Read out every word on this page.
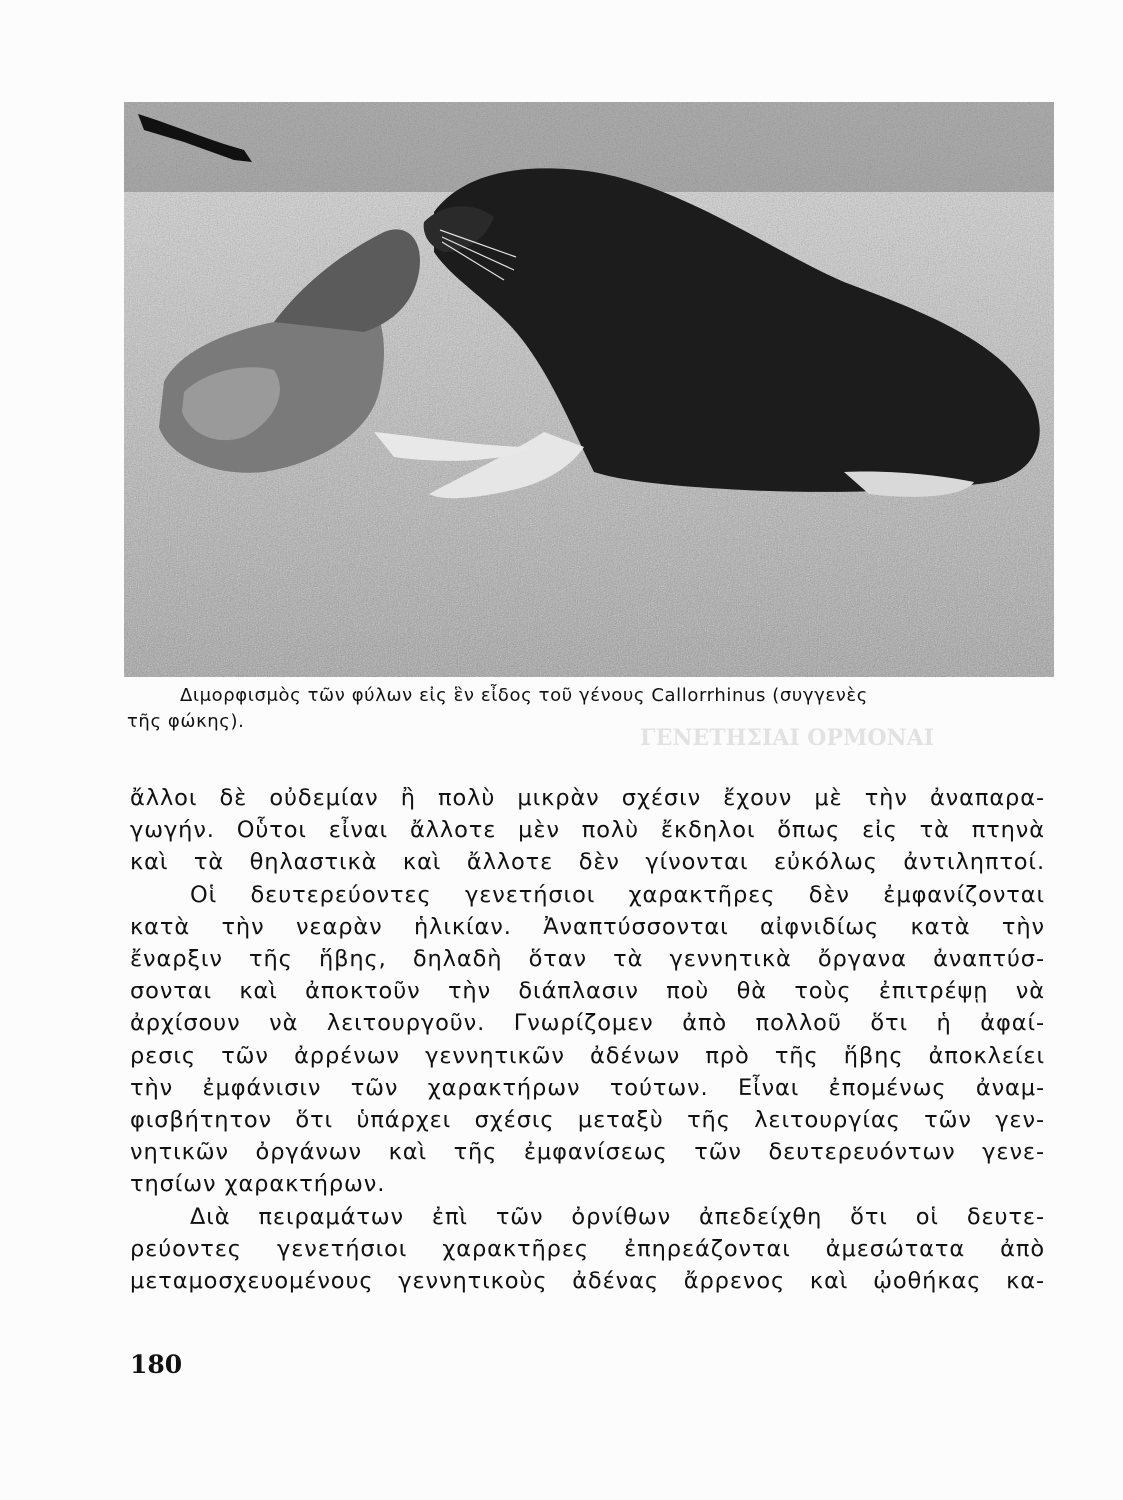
ΓΕΝΕΤΗΣΙΑΙ ΟΡΜΟΝΑΙ
Διμορφισμὸς τῶν φύλων εἰς ἓν εἶδος τοῦ γένους Callorrhinus (συγγενὲς
τῆς φώκης).
ἄλλοι δὲ οὐδεμίαν ἢ πολὺ μικρὰν σχέσιν ἔχουν μὲ τὴν ἀναπαρα-
γωγήν. Οὗτοι εἶναι ἄλλοτε μὲν πολὺ ἔκδηλοι ὅπως εἰς τὰ πτηνὰ
καὶ τὰ θηλαστικὰ καὶ ἄλλοτε δὲν γίνονται εὐκόλως ἀντιληπτοί.
Οἱ δευτερεύοντες γενετήσιοι χαρακτῆρες δὲν ἐμφανίζονται
κατὰ τὴν νεαρὰν ἡλικίαν. Ἀναπτύσσονται αἰφνιδίως κατὰ τὴν
ἔναρξιν τῆς ἥβης, δηλαδὴ ὅταν τὰ γεννητικὰ ὄργανα ἀναπτύσ-
σονται καὶ ἀποκτοῦν τὴν διάπλασιν ποὺ θὰ τοὺς ἐπιτρέψῃ νὰ
ἀρχίσουν νὰ λειτουργοῦν. Γνωρίζομεν ἀπὸ πολλοῦ ὅτι ἡ ἀφαί-
ρεσις τῶν ἀρρένων γεννητικῶν ἀδένων πρὸ τῆς ἥβης ἀποκλείει
τὴν ἐμφάνισιν τῶν χαρακτήρων τούτων. Εἶναι ἐπομένως ἀναμ-
φισβήτητον ὅτι ὑπάρχει σχέσις μεταξὺ τῆς λειτουργίας τῶν γεν-
νητικῶν ὀργάνων καὶ τῆς ἐμφανίσεως τῶν δευτερευόντων γενε-
τησίων χαρακτήρων.
Διὰ πειραμάτων ἐπὶ τῶν ὀρνίθων ἀπεδείχθη ὅτι οἱ δευτε-
ρεύοντες γενετήσιοι χαρακτῆρες ἐπηρεάζονται ἀμεσώτατα ἀπὸ
μεταμοσχευομένους γεννητικοὺς ἀδένας ἄρρενος καὶ ᾠοθήκας κα-
180
